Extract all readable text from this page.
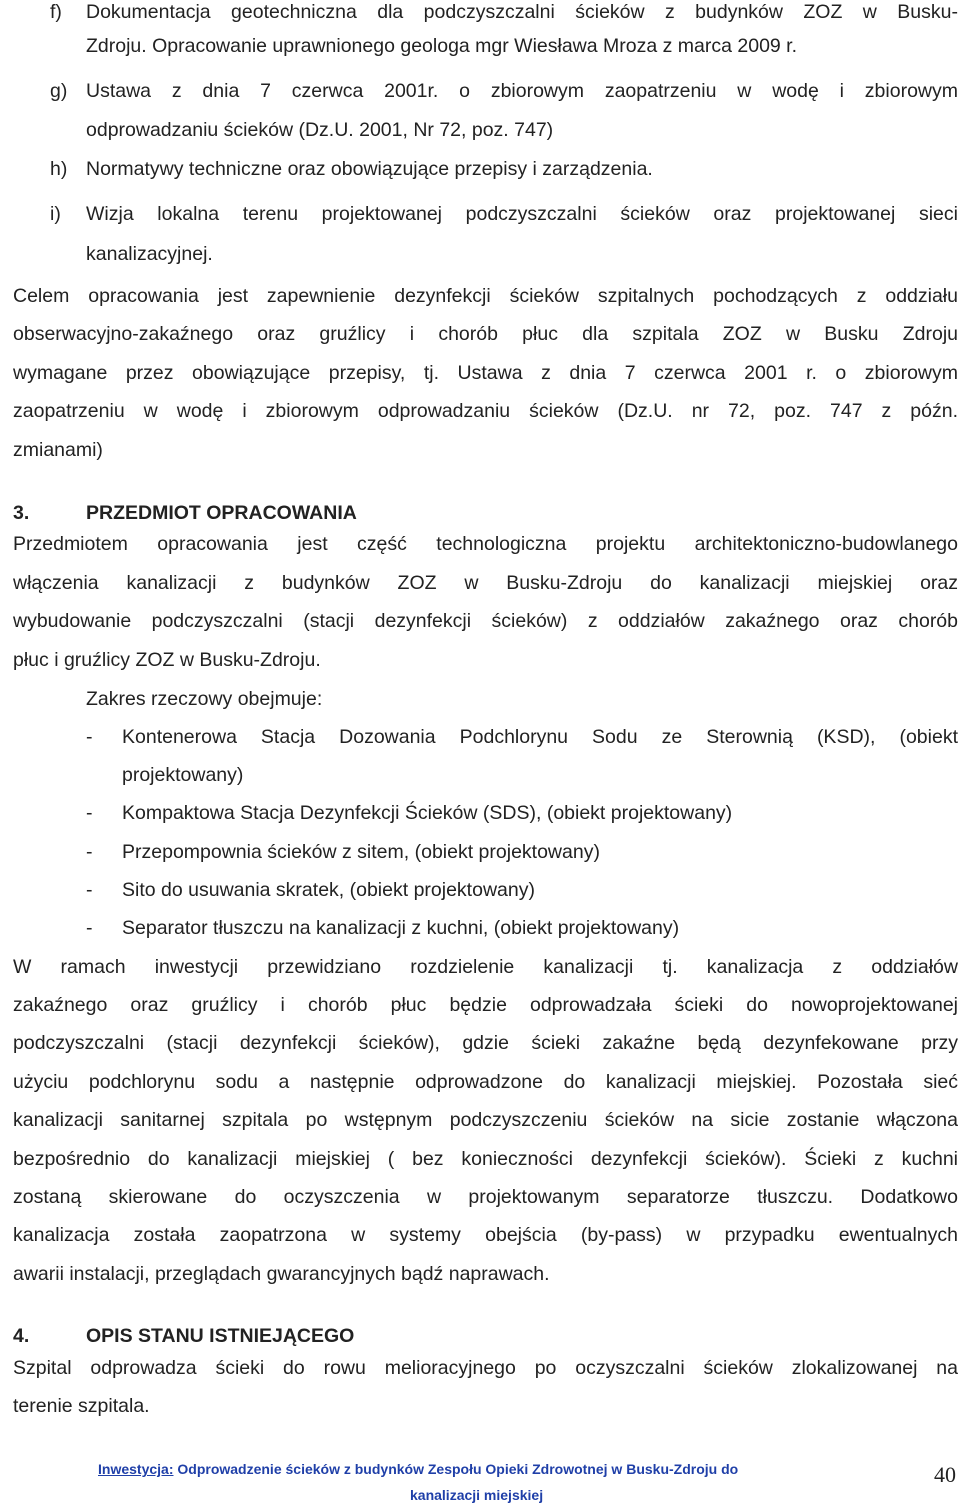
f) Dokumentacja geotechniczna dla podczyszczalni ścieków z budynków ZOZ w Busku-
Zdroju. Opracowanie uprawnionego geologa mgr Wiesława Mroza z marca 2009 r.
g) Ustawa z dnia 7 czerwca 2001r. o zbiorowym zaopatrzeniu w wodę i zbiorowym
odprowadzaniu ścieków (Dz.U. 2001, Nr 72, poz. 747)
h) Normatywy techniczne oraz obowiązujące przepisy i zarządzenia.
i) Wizja lokalna terenu projektowanej podczyszczalni ścieków oraz projektowanej sieci
kanalizacyjnej.
Celem opracowania jest zapewnienie dezynfekcji ścieków szpitalnych pochodzących z oddziału
obserwacyjno-zakaźnego oraz gruźlicy i chorób płuc dla szpitala ZOZ w Busku Zdroju
wymagane przez obowiązujące przepisy, tj. Ustawa z dnia 7 czerwca 2001 r. o zbiorowym
zaopatrzeniu w wodę i zbiorowym odprowadzaniu ścieków (Dz.U. nr 72, poz. 747 z późn.
zmianami)
3.	PRZEDMIOT OPRACOWANIA
Przedmiotem opracowania jest część technologiczna projektu architektoniczno-budowlanego
włączenia kanalizacji z budynków ZOZ w Busku-Zdroju do kanalizacji miejskiej oraz
wybudowanie podczyszczalni (stacji dezynfekcji ścieków) z oddziałów zakaźnego oraz chorób
płuc i gruźlicy ZOZ w Busku-Zdroju.
Zakres rzeczowy obejmuje:
- Kontenerowa Stacja Dozowania Podchlorynu Sodu ze Sterownią (KSD), (obiekt
projektowany)
- Kompaktowa Stacja Dezynfekcji Ścieków (SDS), (obiekt projektowany)
- Przepompownia ścieków z sitem, (obiekt projektowany)
- Sito do usuwania skratek, (obiekt projektowany)
- Separator tłuszczu na kanalizacji z kuchni, (obiekt projektowany)
W ramach inwestycji przewidziano rozdzielenie kanalizacji tj. kanalizacja z oddziałów
zakaźnego oraz gruźlicy i chorób płuc będzie odprowadzała ścieki do nowoprojektowanej
podczyszczalni (stacji dezynfekcji ścieków), gdzie ścieki zakaźne będą dezynfekowane przy
użyciu podchlorynu sodu a następnie odprowadzone do kanalizacji miejskiej. Pozostała sieć
kanalizacji sanitarnej szpitala po wstępnym podczyszczeniu ścieków na sicie zostanie włączona
bezpośrednio do kanalizacji miejskiej ( bez konieczności dezynfekcji ścieków). Ścieki z kuchni
zostaną skierowane do oczyszczenia w projektowanym separatorze tłuszczu. Dodatkowo
kanalizacja została zaopatrzona w systemy obejścia (by-pass) w przypadku ewentualnych
awarii instalacji, przeglądach gwarancyjnych bądź naprawach.
4.	OPIS STANU ISTNIEJĄCEGO
Szpital odprowadza ścieki do rowu melioracyjnego po oczyszczalni ścieków zlokalizowanej na
terenie szpitala.
Inwestycja: Odprowadzenie ścieków z budynków Zespołu Opieki Zdrowotnej w Busku-Zdroju do
kanalizacji miejskiej
40
